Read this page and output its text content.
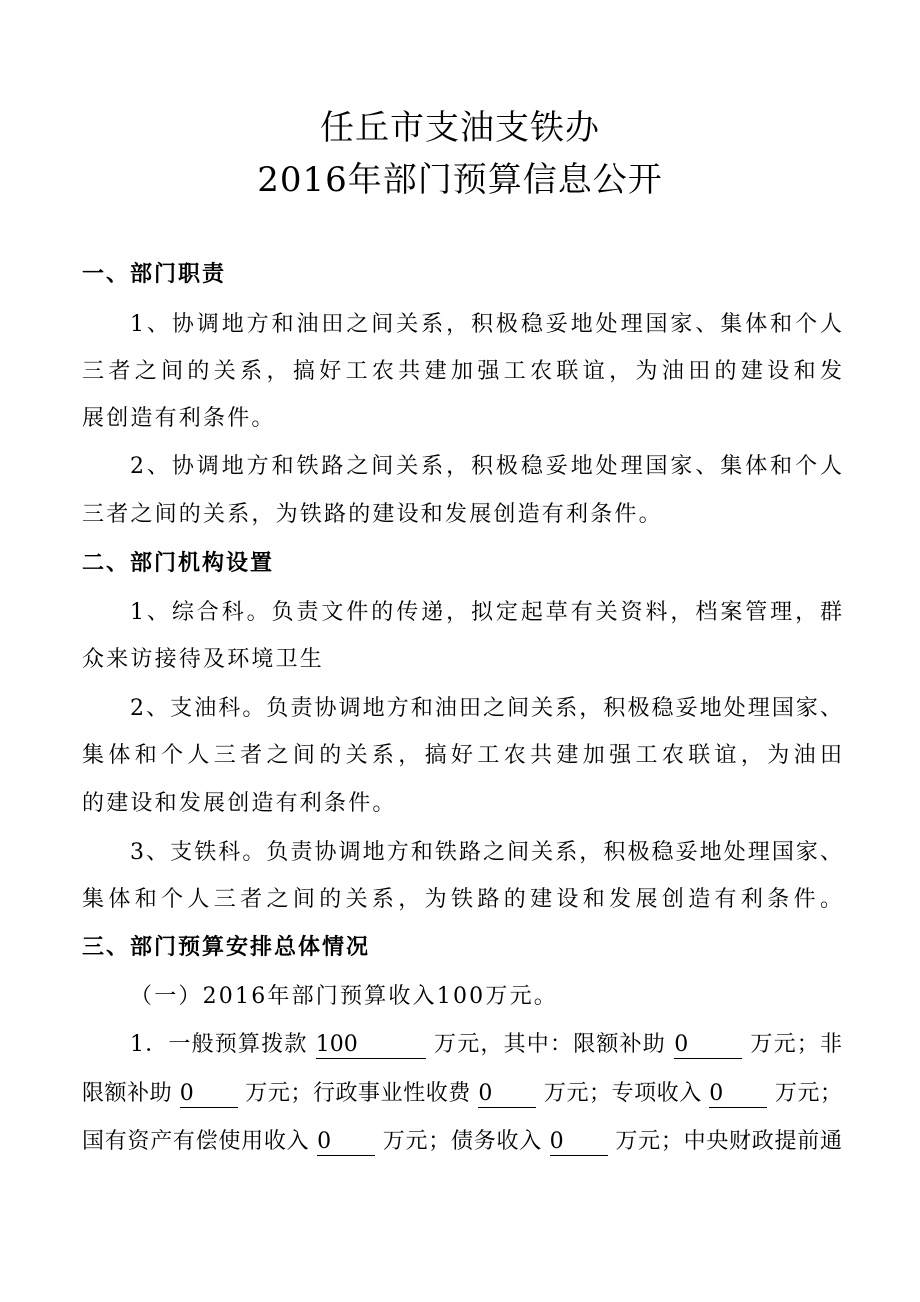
任丘市支油支铁办
2016年部门预算信息公开
一、部门职责
1、协调地方和油田之间关系，积极稳妥地处理国家、集体和个人
三者之间的关系，搞好工农共建加强工农联谊，为油田的建设和发
展创造有利条件。
2、协调地方和铁路之间关系，积极稳妥地处理国家、集体和个人
三者之间的关系，为铁路的建设和发展创造有利条件。
二、部门机构设置
1、综合科。负责文件的传递，拟定起草有关资料，档案管理，群
众来访接待及环境卫生
2、支油科。负责协调地方和油田之间关系，积极稳妥地处理国家、
集体和个人三者之间的关系，搞好工农共建加强工农联谊，为油田
的建设和发展创造有利条件。
3、支铁科。负责协调地方和铁路之间关系，积极稳妥地处理国家、
集体和个人三者之间的关系，为铁路的建设和发展创造有利条件。
三、部门预算安排总体情况
（一）2016年部门预算收入100万元。
1．一般预算拨款 100	万元，其中：限额补助 0	万元；非
限额补助 0 万元；行政事业性收费 0 万元；专项收入 0 万元；
国有资产有偿使用收入 0 万元；债务收入 0 万元；中央财政提前通
